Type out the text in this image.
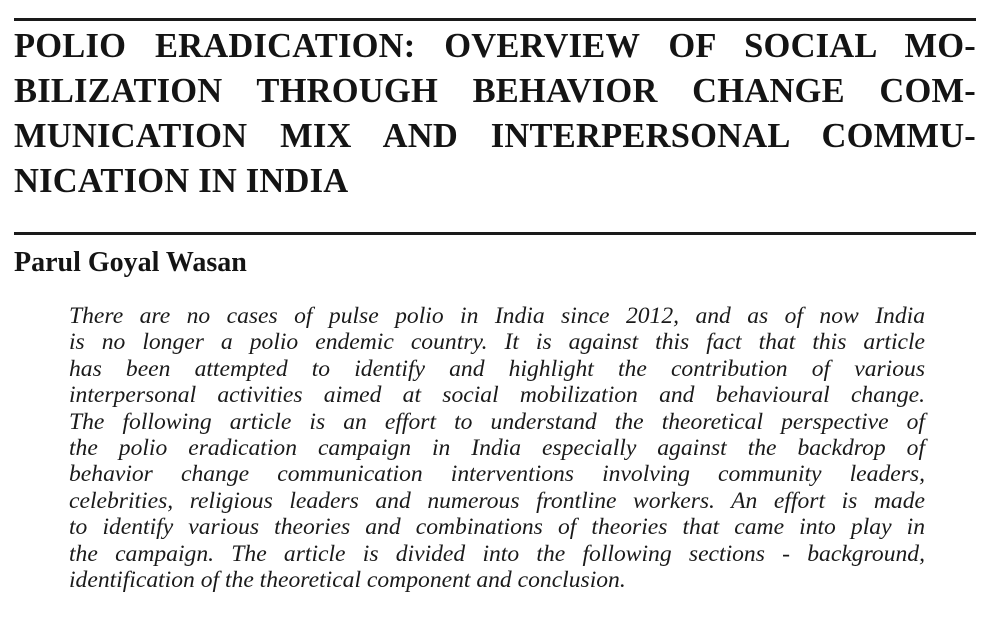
POLIO ERADICATION: OVERVIEW OF SOCIAL MO-
BILIZATION THROUGH BEHAVIOR CHANGE COM-
MUNICATION MIX AND INTERPERSONAL COMMU-
NICATION IN INDIA
Parul Goyal Wasan
There are no cases of pulse polio in India since 2012, and as of now India
is no longer a polio endemic country. It is against this fact that this article
has been attempted to identify and highlight the contribution of various
interpersonal activities aimed at social mobilization and behavioural change.
The following article is an effort to understand the theoretical perspective of
the polio eradication campaign in India especially against the backdrop of
behavior change communication interventions involving community leaders,
celebrities, religious leaders and numerous frontline workers. An effort is made
to identify various theories and combinations of theories that came into play in
the campaign. The article is divided into the following sections - background,
identification of the theoretical component and conclusion.
